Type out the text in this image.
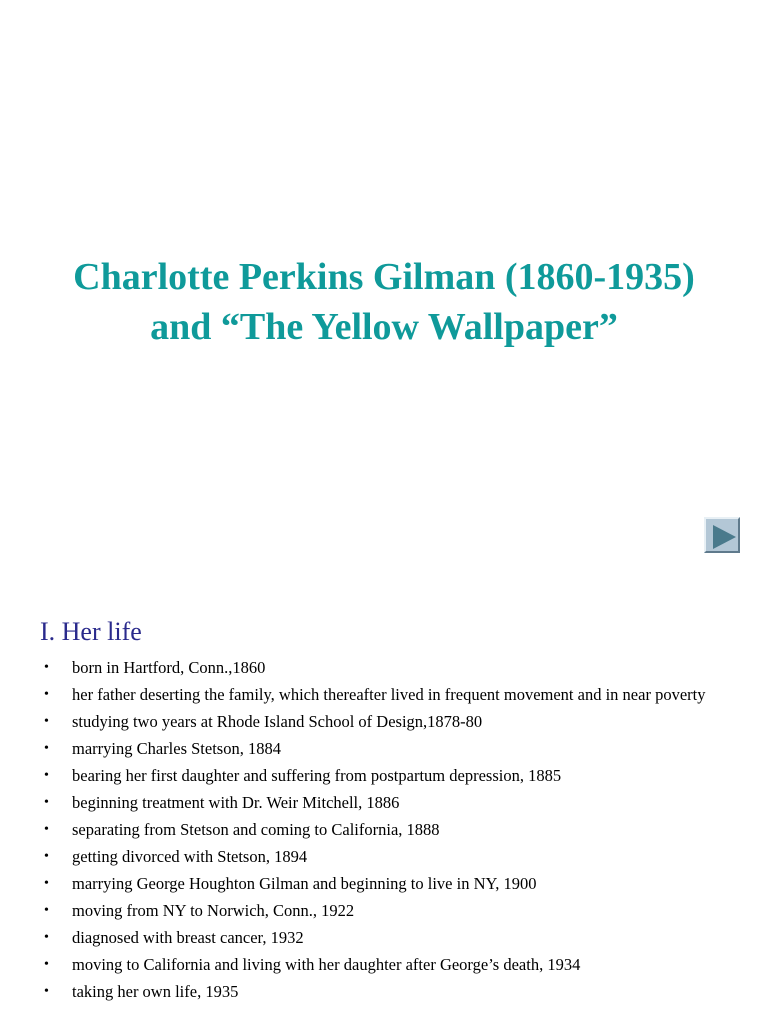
Charlotte Perkins Gilman (1860-1935)
and “The Yellow Wallpaper”
I. Her life
• born in Hartford, Conn.,1860
• her father deserting the family, which thereafter lived in frequent movement and in near poverty
• studying two years at Rhode Island School of Design,1878-80
• marrying Charles Stetson, 1884
• bearing her first daughter and suffering from postpartum depression, 1885
• beginning treatment with Dr. Weir Mitchell, 1886
• separating from Stetson and coming to California, 1888
• getting divorced with Stetson, 1894
• marrying George Houghton Gilman and beginning to live in NY, 1900
• moving from NY to Norwich, Conn., 1922
• diagnosed with breast cancer, 1932
• moving to California and living with her daughter after George’s death, 1934
• taking her own life, 1935
